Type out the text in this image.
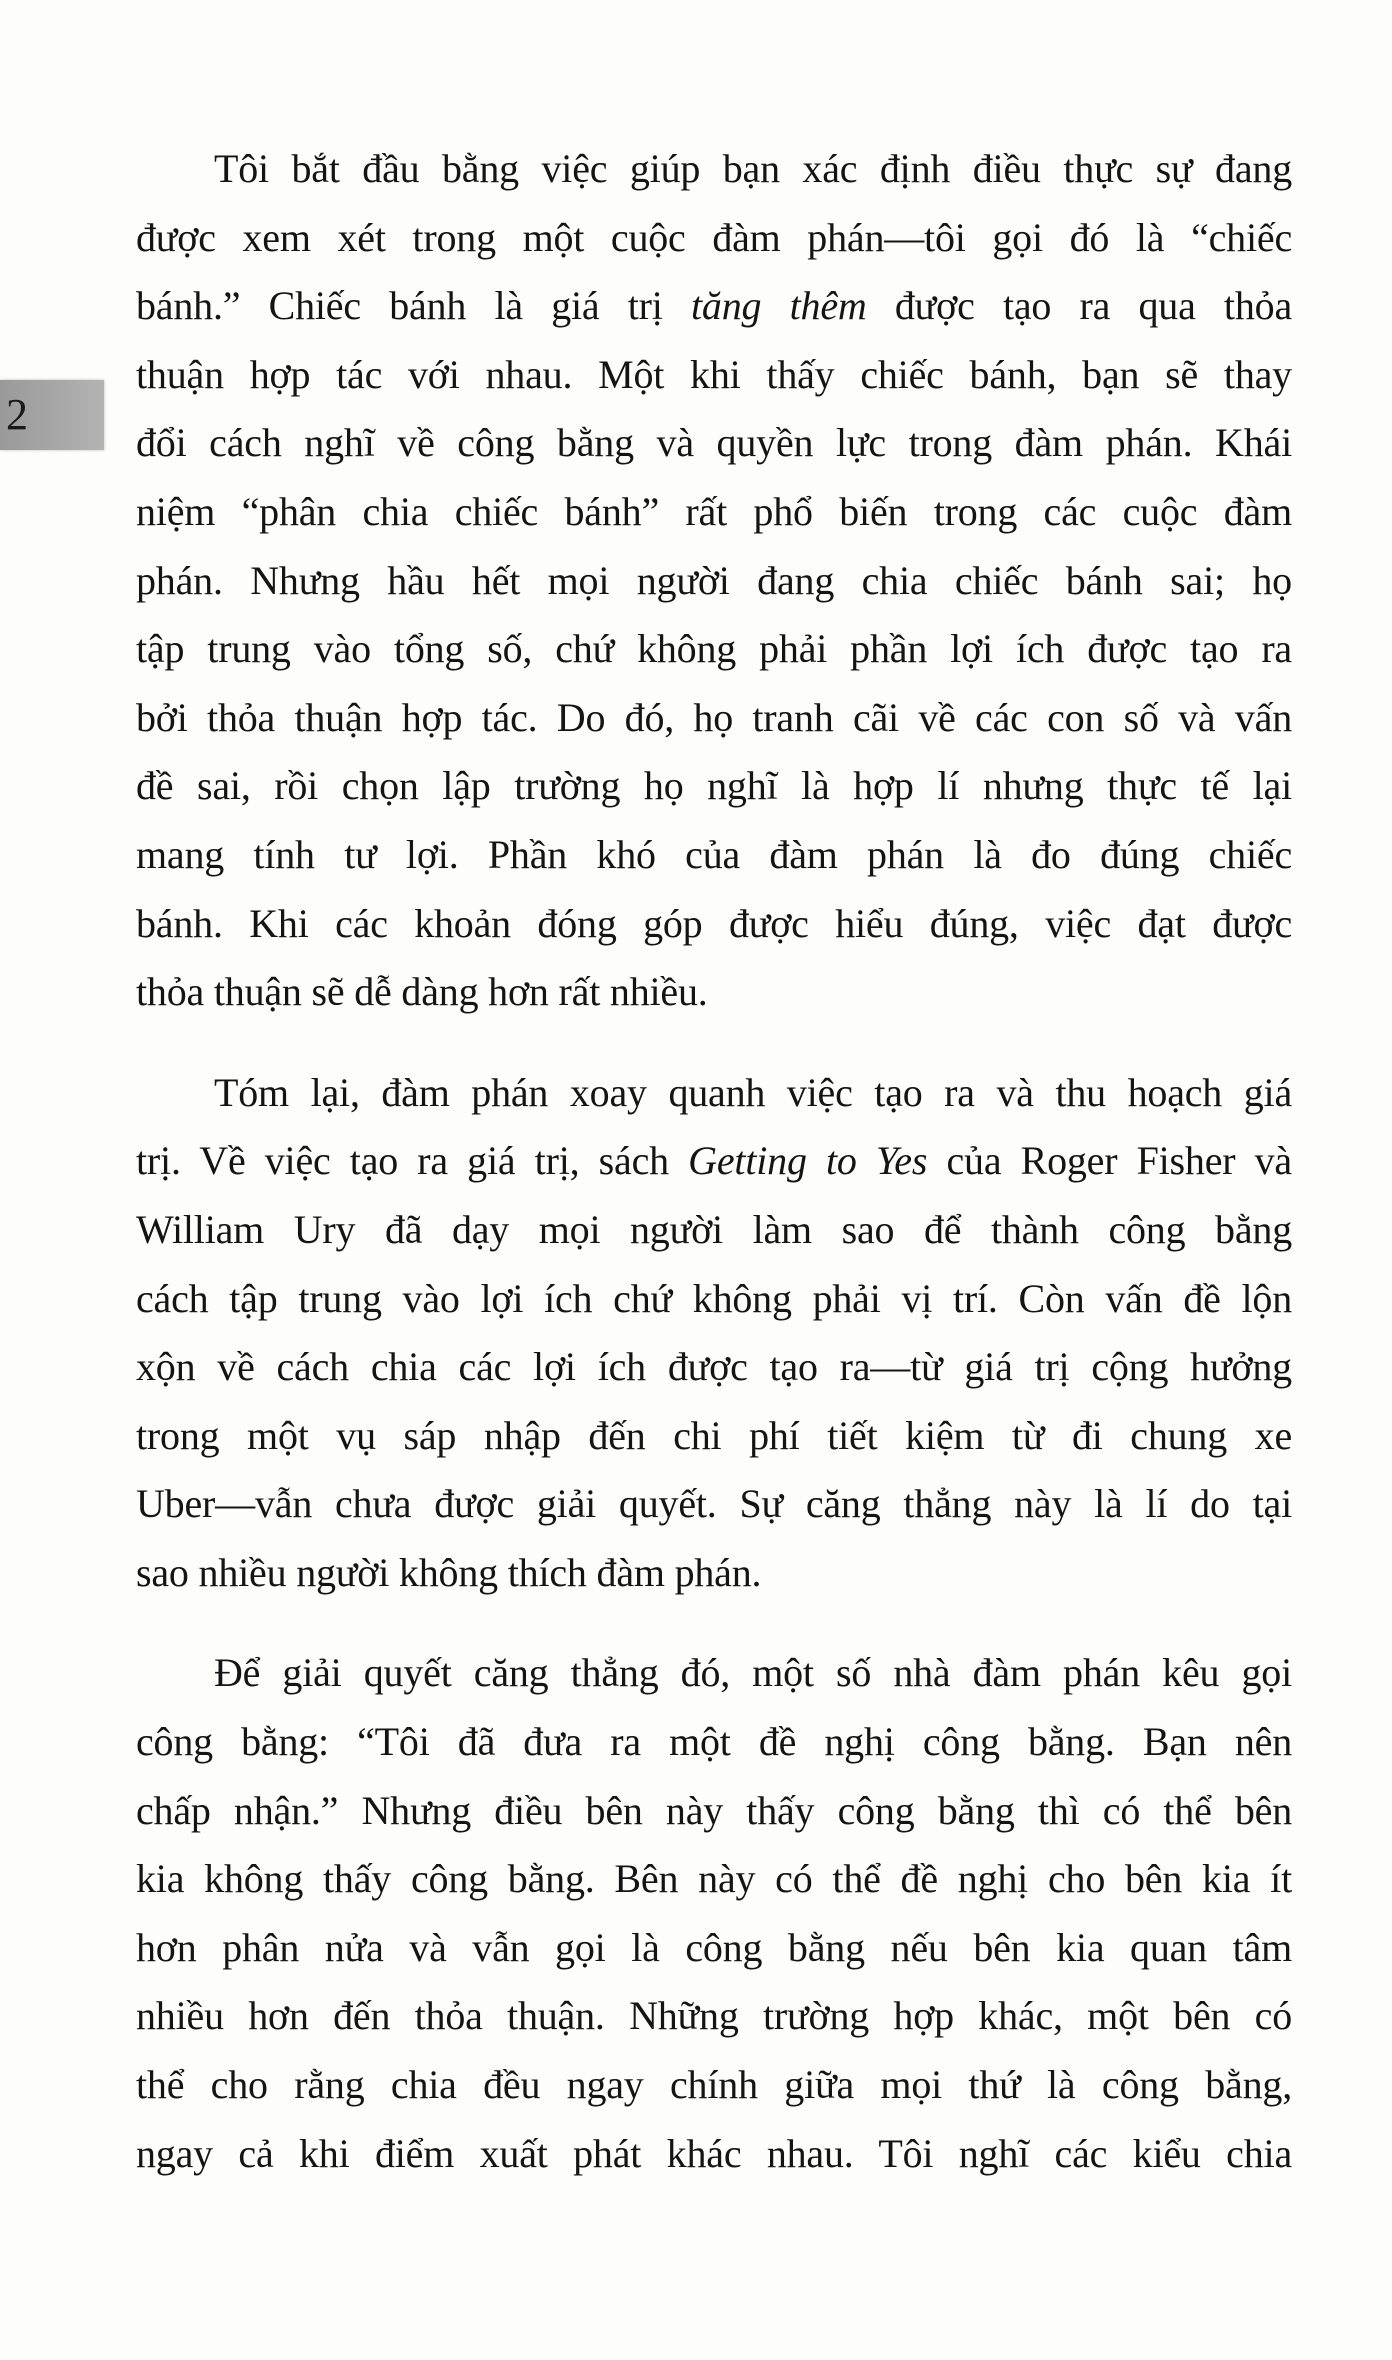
2

Tôi bắt đầu bằng việc giúp bạn xác định điều thực sự đang
được xem xét trong một cuộc đàm phán—tôi gọi đó là “chiếc
bánh.” Chiếc bánh là giá trị tăng thêm được tạo ra qua thỏa
thuận hợp tác với nhau. Một khi thấy chiếc bánh, bạn sẽ thay
đổi cách nghĩ về công bằng và quyền lực trong đàm phán. Khái
niệm “phân chia chiếc bánh” rất phổ biến trong các cuộc đàm
phán. Nhưng hầu hết mọi người đang chia chiếc bánh sai; họ
tập trung vào tổng số, chứ không phải phần lợi ích được tạo ra
bởi thỏa thuận hợp tác. Do đó, họ tranh cãi về các con số và vấn
đề sai, rồi chọn lập trường họ nghĩ là hợp lí nhưng thực tế lại
mang tính tư lợi. Phần khó của đàm phán là đo đúng chiếc
bánh. Khi các khoản đóng góp được hiểu đúng, việc đạt được
thỏa thuận sẽ dễ dàng hơn rất nhiều.

Tóm lại, đàm phán xoay quanh việc tạo ra và thu hoạch giá
trị. Về việc tạo ra giá trị, sách Getting to Yes của Roger Fisher và
William Ury đã dạy mọi người làm sao để thành công bằng
cách tập trung vào lợi ích chứ không phải vị trí. Còn vấn đề lộn
xộn về cách chia các lợi ích được tạo ra—từ giá trị cộng hưởng
trong một vụ sáp nhập đến chi phí tiết kiệm từ đi chung xe
Uber—vẫn chưa được giải quyết. Sự căng thẳng này là lí do tại
sao nhiều người không thích đàm phán.

Để giải quyết căng thẳng đó, một số nhà đàm phán kêu gọi
công bằng: “Tôi đã đưa ra một đề nghị công bằng. Bạn nên
chấp nhận.” Nhưng điều bên này thấy công bằng thì có thể bên
kia không thấy công bằng. Bên này có thể đề nghị cho bên kia ít
hơn phân nửa và vẫn gọi là công bằng nếu bên kia quan tâm
nhiều hơn đến thỏa thuận. Những trường hợp khác, một bên có
thể cho rằng chia đều ngay chính giữa mọi thứ là công bằng,
ngay cả khi điểm xuất phát khác nhau. Tôi nghĩ các kiểu chia
